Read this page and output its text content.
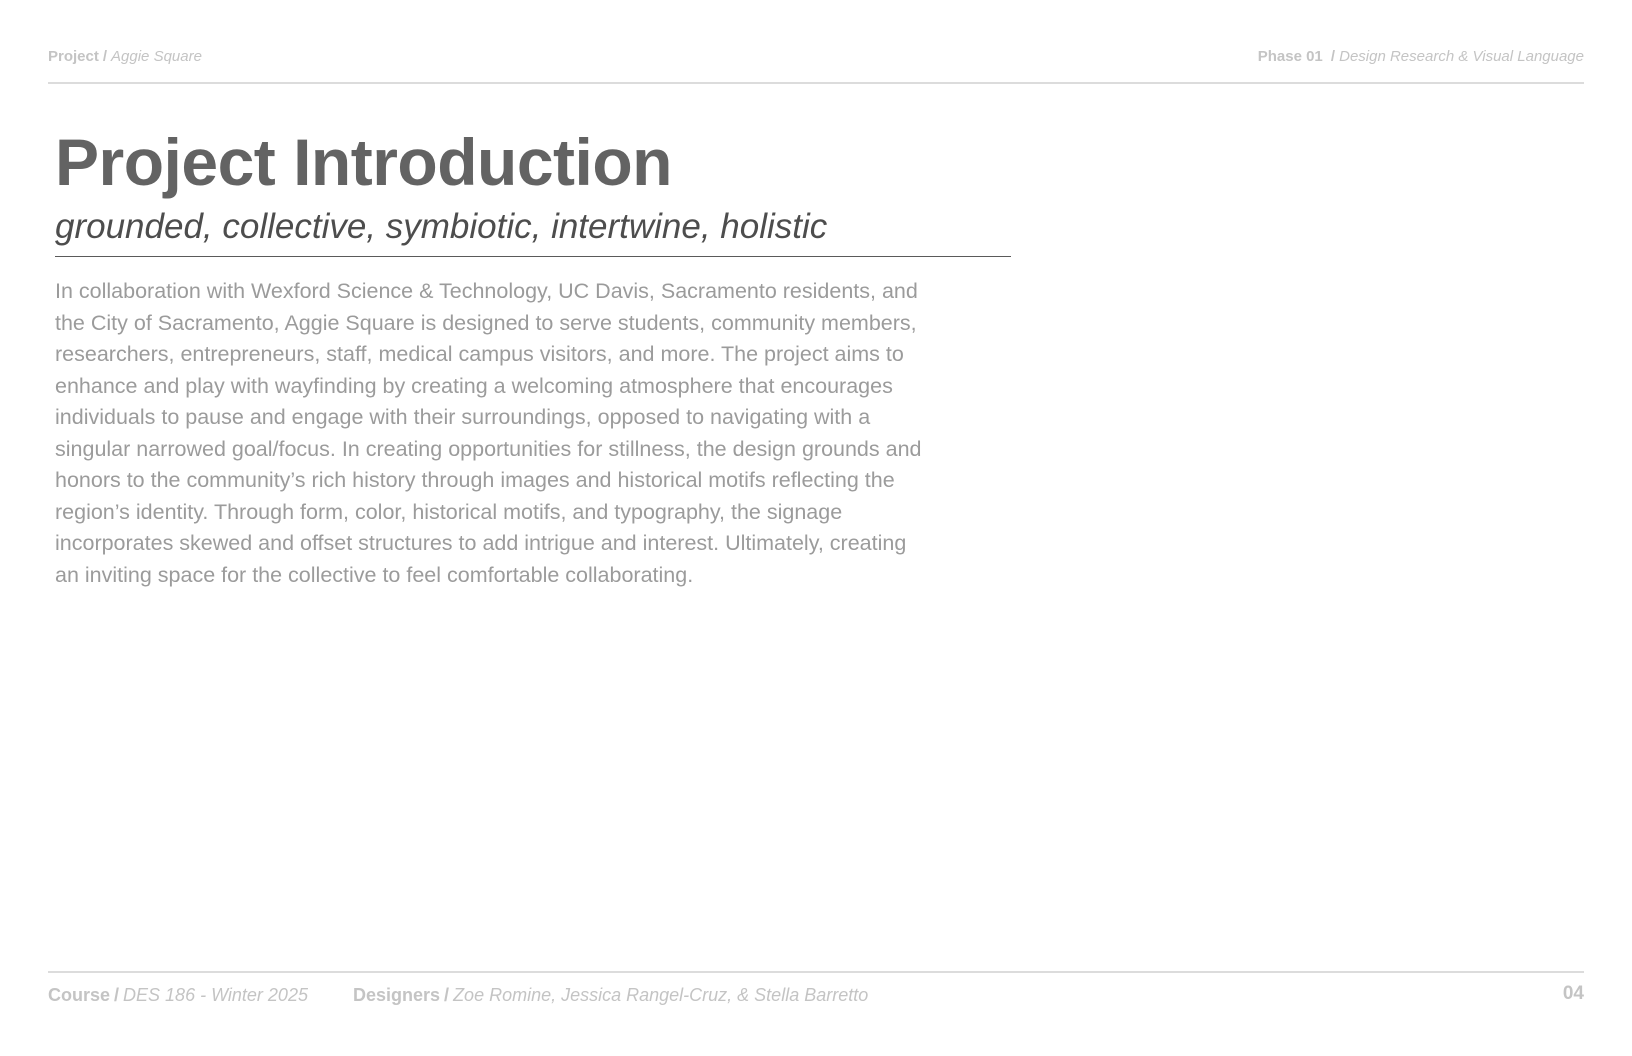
Project / Aggie Square	Phase 01 / Design Research & Visual Language
Project Introduction

grounded, collective, symbiotic, intertwine, holistic

In collaboration with Wexford Science & Technology, UC Davis, Sacramento residents, and the City of Sacramento, Aggie Square is designed to serve students, community members, researchers, entrepreneurs, staff, medical campus visitors, and more. The project aims to enhance and play with wayfinding by creating a welcoming atmosphere that encourages individuals to pause and engage with their surroundings, opposed to navigating with a singular narrowed goal/focus. In creating opportunities for stillness, the design grounds and honors to the community’s rich history through images and historical motifs reflecting the region’s identity. Through form, color, historical motifs, and typography, the signage incorporates skewed and offset structures to add intrigue and interest. Ultimately, creating an inviting space for the collective to feel comfortable collaborating.

Course / DES 186 - Winter 2025	Designers / Zoe Romine, Jessica Rangel-Cruz, & Stella Barretto	04
